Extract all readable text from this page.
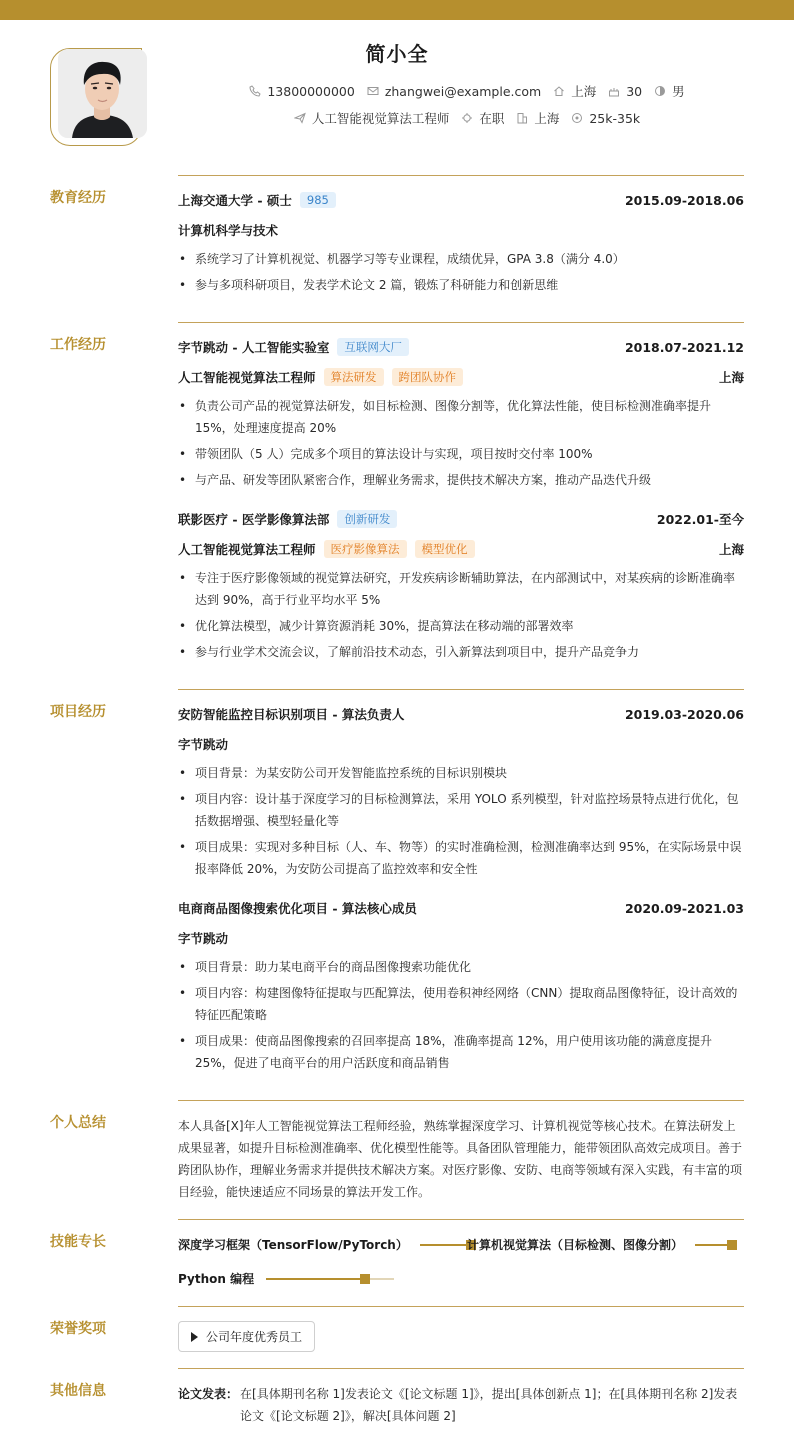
简小全
13800000000 zhangwei@example.com 上海 30 男
人工智能视觉算法工程师 在职 上海 25k-35k
教育经历	上海交通大学 - 硕士	985	2015.09-2018.06
计算机科学与技术
• 系统学习了计算机视觉、机器学习等专业课程，成绩优异，GPA 3.8（满分 4.0）
• 参与多项科研项目，发表学术论文 2 篇，锻炼了科研能力和创新思维
工作经历	字节跳动 - 人工智能实验室	互联网大厂	2018.07-2021.12
人工智能视觉算法工程师	算法研发	跨团队协作	上海
• 负责公司产品的视觉算法研发，如目标检测、图像分割等，优化算法性能，使目标检测准确率提升 15%，处理速度提高 20%
• 带领团队（5 人）完成多个项目的算法设计与实现，项目按时交付率 100%
• 与产品、研发等团队紧密合作，理解业务需求，提供技术解决方案，推动产品迭代升级
联影医疗 - 医学影像算法部	创新研发	2022.01-至今
人工智能视觉算法工程师	医疗影像算法	模型优化	上海
• 专注于医疗影像领域的视觉算法研究，开发疾病诊断辅助算法，在内部测试中，对某疾病的诊断准确率达到 90%，高于行业平均水平 5%
• 优化算法模型，减少计算资源消耗 30%，提高算法在移动端的部署效率
• 参与行业学术交流会议，了解前沿技术动态，引入新算法到项目中，提升产品竞争力
项目经历	安防智能监控目标识别项目 - 算法负责人	2019.03-2020.06
字节跳动
• 项目背景：为某安防公司开发智能监控系统的目标识别模块
• 项目内容：设计基于深度学习的目标检测算法，采用 YOLO 系列模型，针对监控场景特点进行优化，包括数据增强、模型轻量化等
• 项目成果：实现对多种目标（人、车、物等）的实时准确检测，检测准确率达到 95%，在实际场景中误报率降低 20%，为安防公司提高了监控效率和安全性
电商商品图像搜索优化项目 - 算法核心成员	2020.09-2021.03
字节跳动
• 项目背景：助力某电商平台的商品图像搜索功能优化
• 项目内容：构建图像特征提取与匹配算法，使用卷积神经网络（CNN）提取商品图像特征，设计高效的特征匹配策略
• 项目成果：使商品图像搜索的召回率提高 18%，准确率提高 12%，用户使用该功能的满意度提升 25%，促进了电商平台的用户活跃度和商品销售
个人总结	本人具备[X]年人工智能视觉算法工程师经验，熟练掌握深度学习、计算机视觉等核心技术。在算法研发上成果显著，如提升目标检测准确率、优化模型性能等。具备团队管理能力，能带领团队高效完成项目。善于跨团队协作，理解业务需求并提供技术解决方案。对医疗影像、安防、电商等领域有深入实践，有丰富的项目经验，能快速适应不同场景的算法开发工作。
技能专长	深度学习框架（TensorFlow/PyTorch）	计算机视觉算法（目标检测、图像分割）
Python 编程
荣誉奖项	公司年度优秀员工
其他信息	论文发表： 在[具体期刊名称 1]发表论文《[论文标题 1]》，提出[具体创新点 1]；在[具体期刊名称 2]发表论文《[论文标题 2]》，解决[具体问题 2]
